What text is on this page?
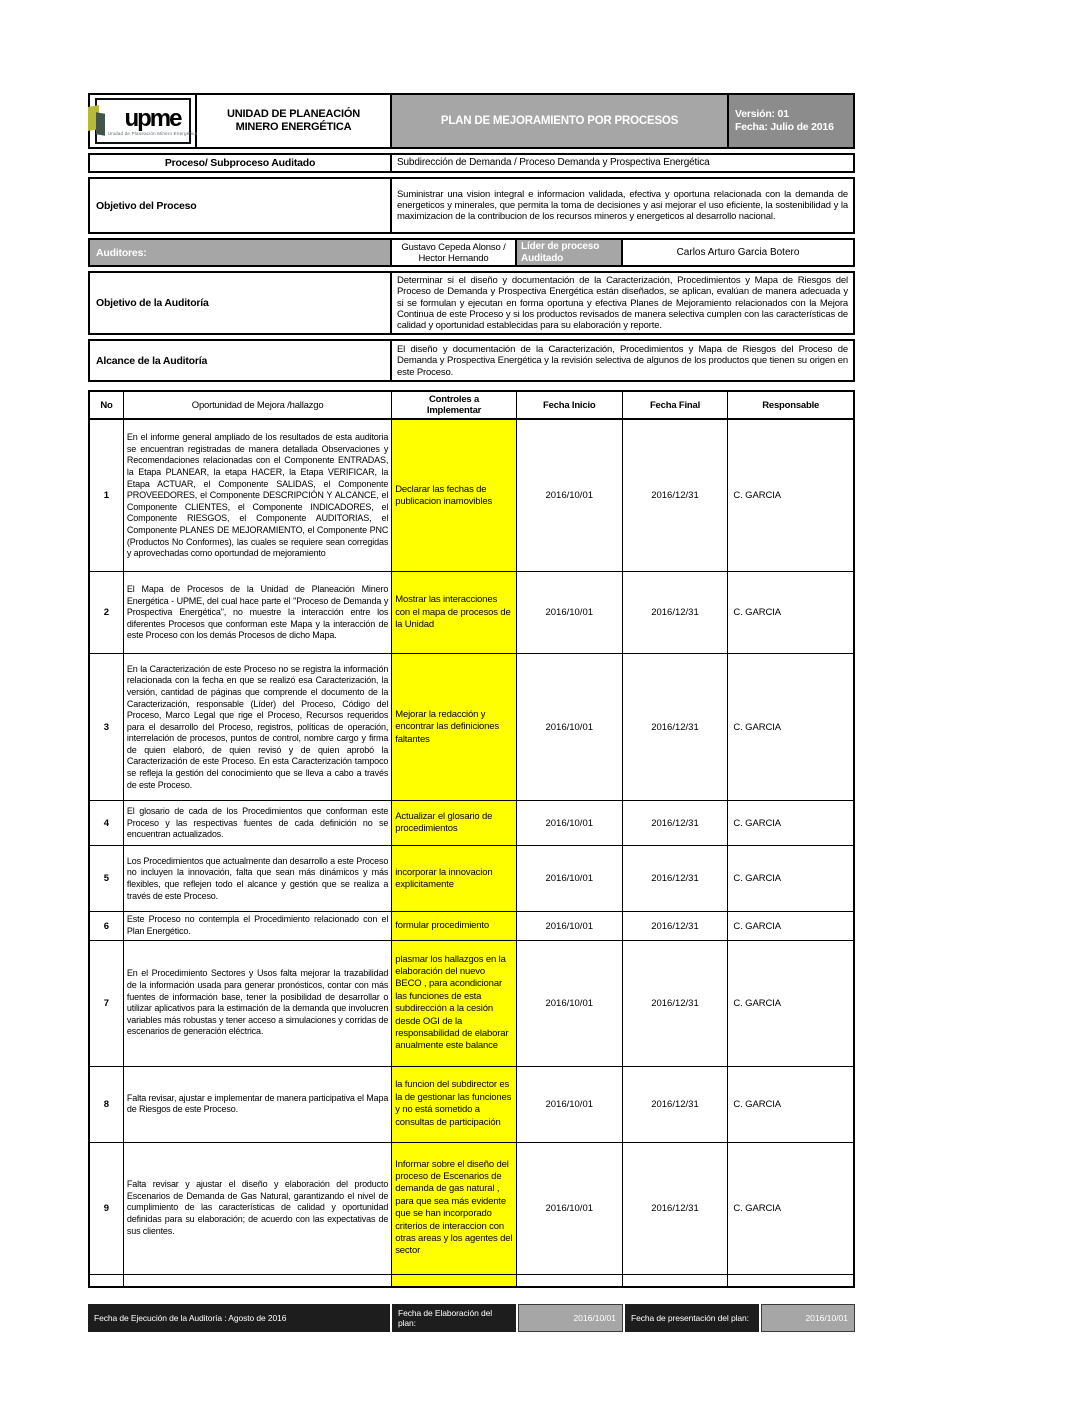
upme
Unidad de Planeación Minero Energética
UNIDAD DE PLANEACIÓN MINERO ENERGÉTICA	PLAN DE MEJORAMIENTO POR PROCESOS
Versión: 01
Fecha: Julio de 2016
Proceso/ Subproceso Auditado	Subdirección de Demanda / Proceso Demanda y Prospectiva Energética
Objetivo del Proceso

Suministrar una vision integral e informacion validada, efectiva y oportuna relacionada con la demanda de energeticos y minerales, que permita la toma de decisiones y asi mejorar el uso eficiente, la sostenibilidad y la maximizacion de la contribucion de los recursos mineros y energeticos al desarrollo nacional.

Auditores:	Gustavo Cepeda Alonso / Hector Hernando
Líder de proceso Auditado	Carlos Arturo Garcia Botero
Objetivo de la Auditoría

Determinar si el diseño y documentación de la Caracterización, Procedimientos y Mapa de Riesgos del Proceso de Demanda y Prospectiva Energética están diseñados, se aplican, evalúan de manera adecuada y si se formulan y ejecutan en forma oportuna y efectiva Planes de Mejoramiento relacionados con la Mejora Continua de este Proceso y si los productos revisados de manera selectiva cumplen con las características de calidad y oportunidad establecidas para su elaboración y reporte.

Alcance de la Auditoría

El diseño y documentación de la Caracterización, Procedimientos y Mapa de Riesgos del Proceso de Demanda y Prospectiva Energética y la revisión selectiva de algunos de los productos que tienen su origen en este Proceso.

No	Oportunidad de Mejora /hallazgo	Controles a Implementar	Fecha Inicio	Fecha Final	Responsable
1

En el informe general ampliado de los resultados de esta auditoria se encuentran registradas de manera detallada Observaciones y Recomendaciones relacionadas con el Componente ENTRADAS, la Etapa PLANEAR, la etapa HACER, la Etapa VERIFICAR, la Etapa ACTUAR, el Componente SALIDAS, el Componente PROVEEDORES, el Componente DESCRIPCIÓN Y ALCANCE, el Componente CLIENTES, el Componente INDICADORES, el Componente RIESGOS, el Componente AUDITORIAS, el Componente PLANES DE MEJORAMIENTO, el Componente PNC (Productos No Conformes), las cuales se requiere sean corregidas y aprovechadas como oportundad de mejoramiento

Declarar las fechas de publicacion inamovibles	2016/10/01	2016/12/31	C. GARCIA
2

El Mapa de Procesos de la Unidad de Planeación Minero Energética - UPME, del cual hace parte el "Proceso de Demanda y Prospectiva Energética", no muestre la interacción entre los diferentes Procesos que conforman este Mapa y la interacción de este Proceso con los demás Procesos de dicho Mapa.

Mostrar las interacciones con el mapa de procesos de la Unidad
2016/10/01	2016/12/31	C. GARCIA
3

En la Caracterización de este Proceso no se registra la información relacionada con la fecha en que se realizó esa Caracterización, la versión, cantidad de páginas que comprende el documento de la Caracterización, responsable (Líder) del Proceso, Código del Proceso, Marco Legal que rige el Proceso, Recursos requeridos para el desarrollo del Proceso, registros, políticas de operación, interrelación de procesos, puntos de control, nombre cargo y firma de quien elaboró, de quien revisó y de quien aprobó la Caracterización de este Proceso. En esta Caracterización tampoco se refleja la gestión del conocimiento que se lleva a cabo a través de este Proceso.

Mejorar la redacción y encontrar las definiciones faltantes
2016/10/01	2016/12/31	C. GARCIA
4

El glosario de cada de los Procedimientos que conforman este Proceso y las respectivas fuentes de cada definición no se encuentran actualizados.

Actualizar el glosario de procedimientos	2016/10/01	2016/12/31	C. GARCIA
5

Los Procedimientos que actualmente dan desarrollo a este Proceso no incluyen la innovación, falta que sean más dinámicos y más flexibles, que reflejen todo el alcance y gestión que se realiza a través de este Proceso.

incorporar la innovacion explicitamente	2016/10/01	2016/12/31	C. GARCIA
6

Este Proceso no contempla el Procedimiento relacionado con el Plan Energético.

formular procedimiento	2016/10/01	2016/12/31	C. GARCIA
7

En el Procedimiento Sectores y Usos falta mejorar la trazabilidad de la información usada para generar pronósticos, contar con más fuentes de información base, tener la posibilidad de desarrollar o utilizar aplicativos para la estimación de la demanda que involucren variables más robustas y tener acceso a simulaciones y corridas de escenarios de generación eléctrica.

plasmar los hallazgos en la elaboración del nuevo BECO , para acondicionar las funciones de esta subdirección a la cesión desde OGI de la responsabilidad de elaborar anualmente este balance
2016/10/01	2016/12/31	C. GARCIA
8

Falta revisar, ajustar e implementar de manera participativa el Mapa de Riesgos de este Proceso.

la funcion del subdirector es la de gestionar las funciones y no está sometido a consultas de participación
2016/10/01	2016/12/31	C. GARCIA
9

Falta revisar y ajustar el diseño y elaboración del producto Escenarios de Demanda de Gas Natural, garantizando el nivel de cumplimiento de las características de calidad y oportunidad definidas para su elaboración; de acuerdo con las expectativas de sus clientes.

Informar sobre el diseño del proceso de Escenarios de demanda de gas natural , para que sea más evidente que se han incorporado criterios de interaccion con otras areas y los agentes del sector
2016/10/01	2016/12/31	C. GARCIA

Fecha de Ejecución de la Auditoría : Agosto de 2016	Fecha de Elaboración del plan:	2016/10/01	Fecha de presentación del plan:	2016/10/01
